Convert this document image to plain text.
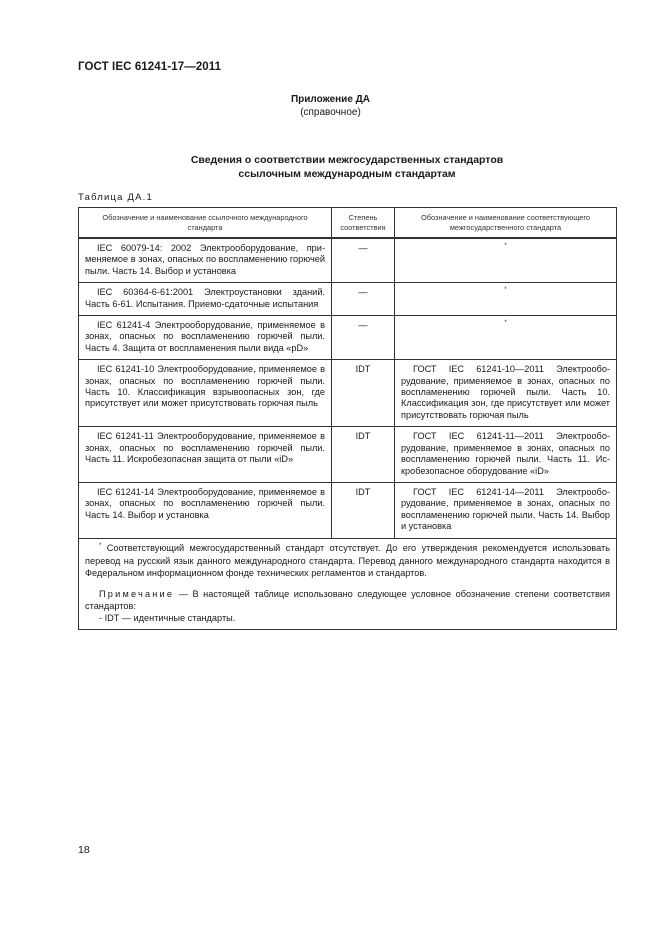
ГОСТ IEC 61241-17—2011
Приложение ДА
(справочное)
Сведения о соответствии межгосударственных стандартов
ссылочным международным стандартам
Таблица ДА.1
Обозначение и наименование ссылочного международного стандарта	Степень соответствия	Обозначение и наименование соответствующего межгосударственного стандарта
IEC 60079-14: 2002 Электрооборудование, применяемое в зонах, опасных по воспламенению горючей пыли. Часть 14. Выбор и установка	—	*
IEC 60364-6-61:2001 Электроустановки зданий. Часть 6-61. Испытания. Приемо-сдаточные испытания	—	*
IEC 61241-4 Электрооборудование, применяемое в зонах, опасных по воспламенению горючей пыли. Часть 4. Защита от воспламенения пыли вида «pD»	—	*
IEC 61241-10 Электрооборудование, применяемое в зонах, опасных по воспламенению горючей пыли. Часть 10. Классификация взрывоопасных зон, где присутствует или может присутствовать горючая пыль	IDT	ГОСТ IEC 61241-10—2011 Электрооборудование, применяемое в зонах, опасных по воспламенению горючей пыли. Часть 10. Классификация зон, где присутствует или может присутствовать горючая пыль
IEC 61241-11 Электрооборудование, применяемое в зонах, опасных по воспламенению горючей пыли. Часть 11. Искробезопасная защита от пыли «iD»	IDT	ГОСТ IEC 61241-11—2011 Электрооборудование, применяемое в зонах, опасных по воспламенению горючей пыли. Часть 11. Искробезопасное оборудование «iD»
IEC 61241-14 Электрооборудование, применяемое в зонах, опасных по воспламенению горючей пыли. Часть 14. Выбор и установка	IDT	ГОСТ IEC 61241-14—2011 Электрооборудование, применяемое в зонах, опасных по воспламенению горючей пыли. Часть 14. Выбор и установка

* Соответствующий межгосударственный стандарт отсутствует. До его утверждения рекомендуется использовать перевод на русский язык данного международного стандарта. Перевод данного международного стандарта находится в Федеральном информационном фонде технических регламентов и стандартов.

Примечание — В настоящей таблице использовано следующее условное обозначение степени соответствия стандартов:

- IDT — идентичные стандарты.		

18
